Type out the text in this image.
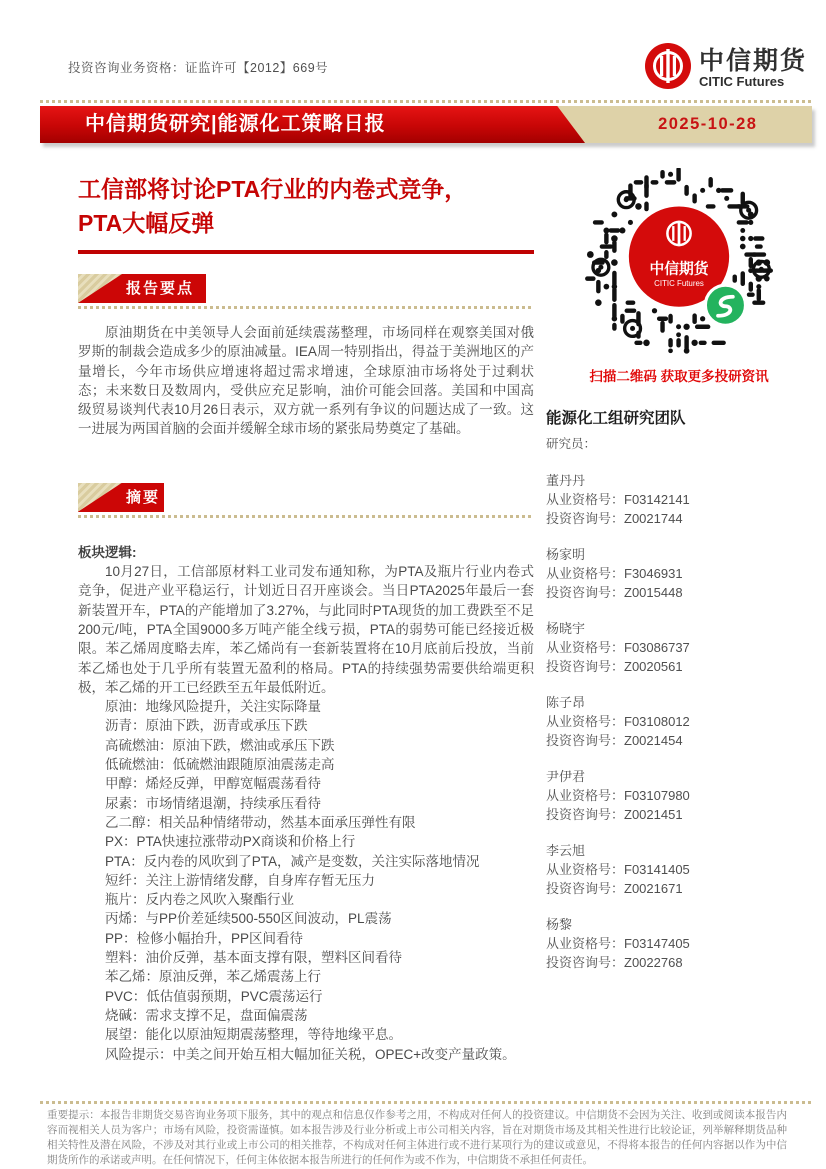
投资咨询业务资格：证监许可【2012】669号	中信期货
CITIC Futures
中信期货研究|能源化工策略日报	2025-10-28
工信部将讨论PTA行业的内卷式竞争，
PTA大幅反弹
报告要点
原油期货在中美领导人会面前延续震荡整理，市场同样在观察美国对俄罗斯的制裁会造成多少的原油减量。IEA周一特别指出，得益于美洲地区的产量增长，今年市场供应增速将超过需求增速，全球原油市场将处于过剩状态；未来数日及数周内，受供应充足影响，油价可能会回落。美国和中国高级贸易谈判代表10月26日表示，双方就一系列有争议的问题达成了一致。这一进展为两国首脑的会面并缓解全球市场的紧张局势奠定了基础。
摘要
板块逻辑:
10月27日，工信部原材料工业司发布通知称，为PTA及瓶片行业内卷式竞争，促进产业平稳运行，计划近日召开座谈会。当日PTA2025年最后一套新装置开车，PTA的产能增加了3.27%，与此同时PTA现货的加工费跌至不足200元/吨，PTA全国9000多万吨产能全线亏损，PTA的弱势可能已经接近极限。苯乙烯周度略去库，苯乙烯尚有一套新装置将在10月底前后投放，当前苯乙烯也处于几乎所有装置无盈利的格局。PTA的持续强势需要供给端更积极，苯乙烯的开工已经跌至五年最低附近。
原油：地缘风险提升，关注实际降量
沥青：原油下跌，沥青或承压下跌
高硫燃油：原油下跌，燃油或承压下跌
低硫燃油：低硫燃油跟随原油震荡走高
甲醇：烯烃反弹，甲醇宽幅震荡看待
尿素：市场情绪退潮，持续承压看待
乙二醇：相关品种情绪带动，然基本面承压弹性有限
PX：PTA快速拉涨带动PX商谈和价格上行
PTA：反内卷的风吹到了PTA，减产是变数，关注实际落地情况
短纤：关注上游情绪发酵，自身库存暂无压力
瓶片：反内卷之风吹入聚酯行业
丙烯：与PP价差延续500-550区间波动，PL震荡
PP：检修小幅抬升，PP区间看待
塑料：油价反弹，基本面支撑有限，塑料区间看待
苯乙烯：原油反弹，苯乙烯震荡上行
PVC：低估值弱预期，PVC震荡运行
烧碱：需求支撑不足，盘面偏震荡
展望：能化以原油短期震荡整理，等待地缘平息。
风险提示：中美之间开始互相大幅加征关税，OPEC+改变产量政策。
中信期货
CITIC Futures
扫描二维码 获取更多投研资讯
能源化工组研究团队
研究员：
董丹丹
从业资格号：F03142141
投资咨询号：Z0021744
杨家明
从业资格号：F3046931
投资咨询号：Z0015448
杨晓宇
从业资格号：F03086737
投资咨询号：Z0020561
陈子昂
从业资格号：F03108012
投资咨询号：Z0021454
尹伊君
从业资格号：F03107980
投资咨询号：Z0021451
李云旭
从业资格号：F03141405
投资咨询号：Z0021671
杨黎
从业资格号：F03147405
投资咨询号：Z0022768
重要提示：本报告非期货交易咨询业务项下服务，其中的观点和信息仅作参考之用，不构成对任何人的投资建议。中信期货不会因为关注、收到或阅读本报告内容而视相关人员为客户；市场有风险，投资需谨慎。如本报告涉及行业分析或上市公司相关内容，旨在对期货市场及其相关性进行比较论证，列举解释期货品种相关特性及潜在风险，不涉及对其行业或上市公司的相关推荐，不构成对任何主体进行或不进行某项行为的建议或意见，不得将本报告的任何内容据以作为中信期货所作的承诺或声明。在任何情况下，任何主体依据本报告所进行的任何作为或不作为，中信期货不承担任何责任。
